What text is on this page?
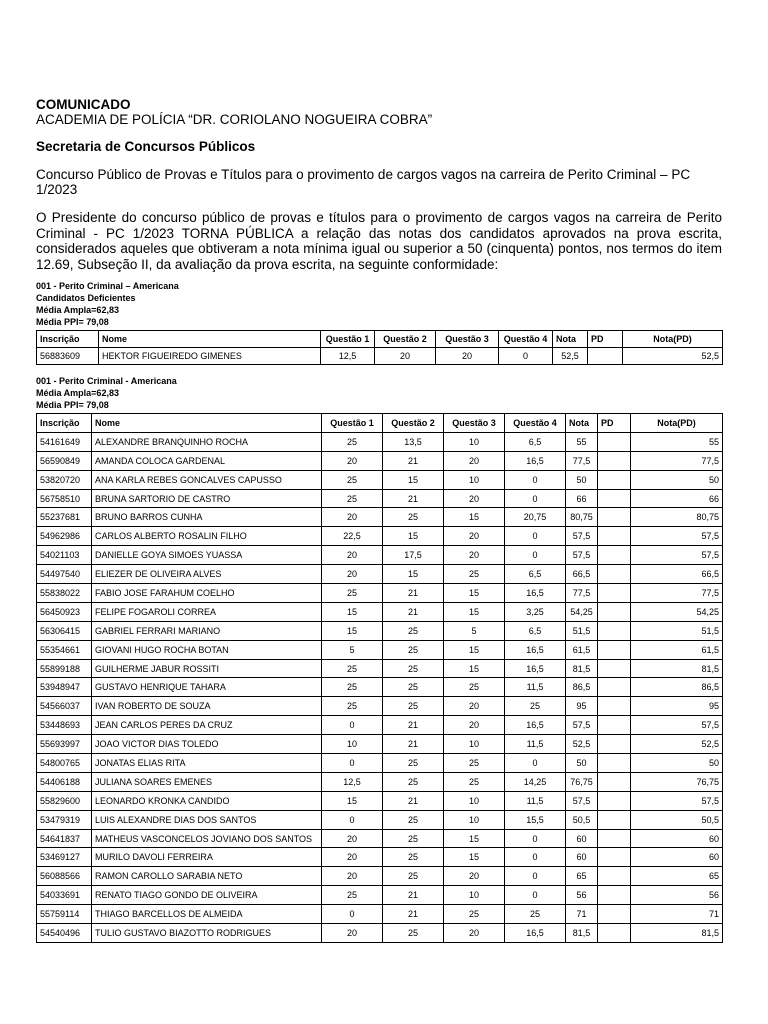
COMUNICADO
ACADEMIA DE POLÍCIA “DR. CORIOLANO NOGUEIRA COBRA”
Secretaria de Concursos Públicos
Concurso Público de Provas e Títulos para o provimento de cargos vagos na carreira de Perito Criminal – PC 1/2023
O Presidente do concurso público de provas e títulos para o provimento de cargos vagos na carreira de Perito Criminal - PC 1/2023 TORNA PÚBLICA a relação das notas dos candidatos aprovados na prova escrita, considerados aqueles que obtiveram a nota mínima igual ou superior a 50 (cinquenta) pontos, nos termos do item 12.69, Subseção II, da avaliação da prova escrita, na seguinte conformidade:
001 - Perito Criminal – Americana
Candidatos Deficientes
Média Ampla=62,83
Média PPI= 79,08
Inscrição	Nome	Questão 1	Questão 2	Questão 3	Questão 4	Nota	PD	Nota(PD)
56883609	HEKTOR FIGUEIREDO GIMENES	12,5	20	20	0	52,5		52,5
001 - Perito Criminal - Americana
Média Ampla=62,83
Média PPI= 79,08
Inscrição	Nome	Questão 1	Questão 2	Questão 3	Questão 4	Nota	PD	Nota(PD)
54161649	ALEXANDRE BRANQUINHO ROCHA	25	13,5	10	6,5	55		55
56590849	AMANDA COLOCA GARDENAL	20	21	20	16,5	77,5		77,5
53820720	ANA KARLA REBES GONCALVES CAPUSSO	25	15	10	0	50		50
56758510	BRUNA SARTORIO DE CASTRO	25	21	20	0	66		66
55237681	BRUNO BARROS CUNHA	20	25	15	20,75	80,75		80,75
54962986	CARLOS ALBERTO ROSALIN FILHO	22,5	15	20	0	57,5		57,5
54021103	DANIELLE GOYA SIMOES YUASSA	20	17,5	20	0	57,5		57,5
54497540	ELIEZER DE OLIVEIRA ALVES	20	15	25	6,5	66,5		66,5
55838022	FABIO JOSE FARAHUM COELHO	25	21	15	16,5	77,5		77,5
56450923	FELIPE FOGAROLI CORREA	15	21	15	3,25	54,25		54,25
56306415	GABRIEL FERRARI MARIANO	15	25	5	6,5	51,5		51,5
55354661	GIOVANI HUGO ROCHA BOTAN	5	25	15	16,5	61,5		61,5
55899188	GUILHERME JABUR ROSSITI	25	25	15	16,5	81,5		81,5
53948947	GUSTAVO HENRIQUE TAHARA	25	25	25	11,5	86,5		86,5
54566037	IVAN ROBERTO DE SOUZA	25	25	20	25	95		95
53448693	JEAN CARLOS PERES DA CRUZ	0	21	20	16,5	57,5		57,5
55693997	JOAO VICTOR DIAS TOLEDO	10	21	10	11,5	52,5		52,5
54800765	JONATAS ELIAS RITA	0	25	25	0	50		50
54406188	JULIANA SOARES EMENES	12,5	25	25	14,25	76,75		76,75
55829600	LEONARDO KRONKA CANDIDO	15	21	10	11,5	57,5		57,5
53479319	LUIS ALEXANDRE DIAS DOS SANTOS	0	25	10	15,5	50,5		50,5
54641837	MATHEUS VASCONCELOS JOVIANO DOS SANTOS	20	25	15	0	60		60
53469127	MURILO DAVOLI FERREIRA	20	25	15	0	60		60
56088566	RAMON CAROLLO SARABIA NETO	20	25	20	0	65		65
54033691	RENATO TIAGO GONDO DE OLIVEIRA	25	21	10	0	56		56
55759114	THIAGO BARCELLOS DE ALMEIDA	0	21	25	25	71		71
54540496	TULIO GUSTAVO BIAZOTTO RODRIGUES	20	25	20	16,5	81,5		81,5
